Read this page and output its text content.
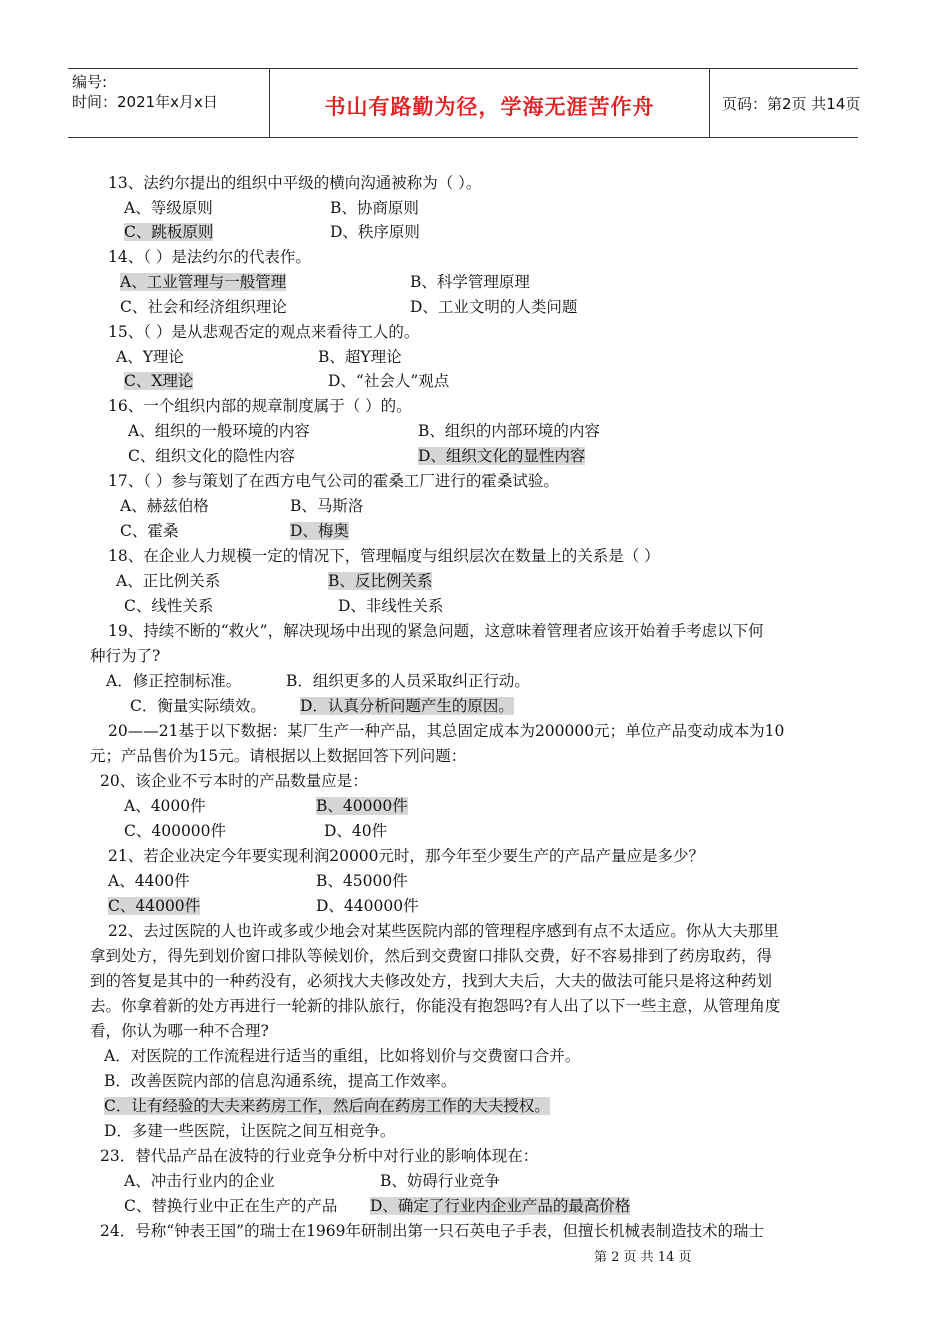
编号:
时间：2021年x月x日	书山有路勤为径，学海无涯苦作舟	页码：第2页 共14页
13、法约尔提出的组织中平级的横向沟通被称为（ ）。
A、等级原则	B、协商原则
C、跳板原则	D、秩序原则
14、（ ）是法约尔的代表作。
A、工业管理与一般管理	B、科学管理原理
C、社会和经济组织理论	D、工业文明的人类问题
15、（ ）是从悲观否定的观点来看待工人的。
A、Y理论	B、超Y理论
C、X理论	D、“社会人”观点
16、一个组织内部的规章制度属于（ ）的。
A、组织的一般环境的内容	B、组织的内部环境的内容
C、组织文化的隐性内容	D、组织文化的显性内容
17、（ ）参与策划了在西方电气公司的霍桑工厂进行的霍桑试验。
A、赫兹伯格	B、马斯洛
C、霍桑	D、梅奥
18、在企业人力规模一定的情况下，管理幅度与组织层次在数量上的关系是（ ）
A、正比例关系	B、反比例关系
C、线性关系	D、非线性关系
19、持续不断的“救火”，解决现场中出现的紧急问题，这意味着管理者应该开始着手考虑以下何
种行为了?
A．修正控制标准。	B．组织更多的人员采取纠正行动。
C．衡量实际绩效。 D．认真分析问题产生的原因。
20——21基于以下数据：某厂生产一种产品，其总固定成本为200000元；单位产品变动成本为10
元；产品售价为15元。请根据以上数据回答下列问题：
20、该企业不亏本时的产品数量应是：
A、4000件	B、40000件
C、400000件	D、40件
21、若企业决定今年要实现利润20000元时，那今年至少要生产的产品产量应是多少？
A、4400件	B、45000件
C、44000件	D、440000件
22、去过医院的人也许或多或少地会对某些医院内部的管理程序感到有点不太适应。你从大夫那里
拿到处方，得先到划价窗口排队等候划价，然后到交费窗口排队交费，好不容易排到了药房取药，得
到的答复是其中的一种药没有，必须找大夫修改处方，找到大夫后，大夫的做法可能只是将这种药划
去。你拿着新的处方再进行一轮新的排队旅行，你能没有抱怨吗?有人出了以下一些主意，从管理角度
看，你认为哪一种不合理?
A．对医院的工作流程进行适当的重组，比如将划价与交费窗口合并。
B．改善医院内部的信息沟通系统，提高工作效率。
C．让有经验的大夫来药房工作，然后向在药房工作的大夫授权。
D．多建一些医院，让医院之间互相竞争。
23．替代品产品在波特的行业竞争分析中对行业的影响体现在：
A、冲击行业内的企业	B、妨碍行业竞争
C、替换行业中正在生产的产品 D、确定了行业内企业产品的最高价格
24．号称“钟表王国”的瑞士在1969年研制出第一只石英电子手表，但擅长机械表制造技术的瑞士
第 2 页 共 14 页
